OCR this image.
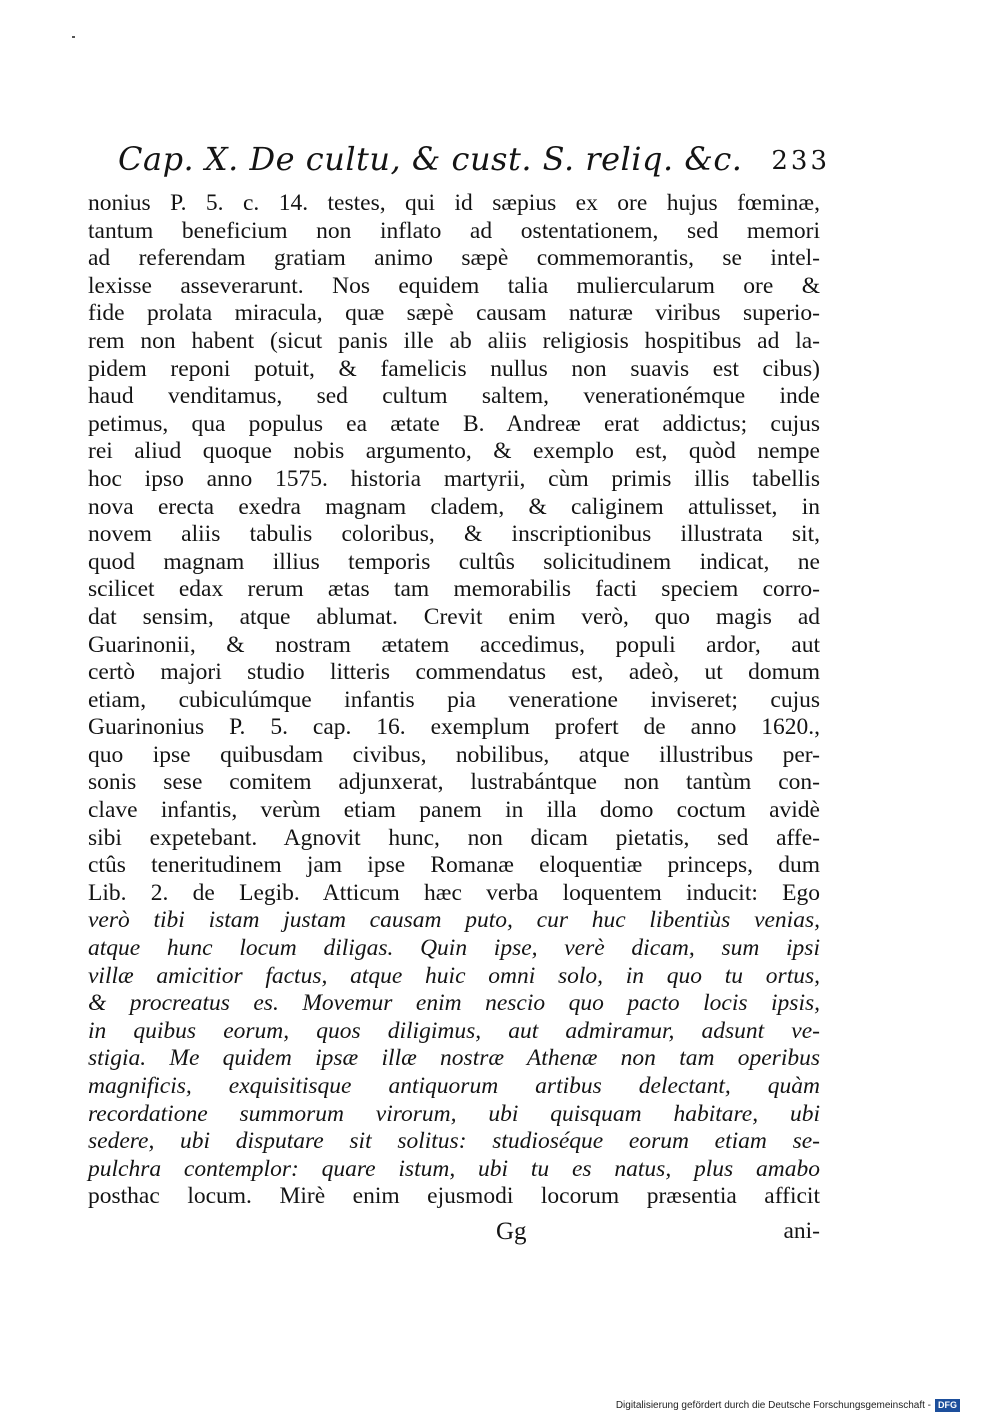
Cap. X. De cultu, & cust. S. reliq. &c. 233
nonius P. 5. c. 14. testes, qui id sæpius ex ore hujus fœminæ,
tantum beneficium non inflato ad ostentationem, sed memori
ad referendam gratiam animo sæpè commemorantis, se intel-
lexisse asseverarunt. Nos equidem talia muliercularum ore &
fide prolata miracula, quæ sæpè causam naturæ viribus superio-
rem non habent (sicut panis ille ab aliis religiosis hospitibus ad la-
pidem reponi potuit, & famelicis nullus non suavis est cibus)
haud venditamus, sed cultum saltem, venerationémque inde
petimus, qua populus ea ætate B. Andreæ erat addictus; cujus
rei aliud quoque nobis argumento, & exemplo est, quòd nempe
hoc ipso anno 1575. historia martyrii, cùm primis illis tabellis
nova erecta exedra magnam cladem, & caliginem attulisset, in
novem aliis tabulis coloribus, & inscriptionibus illustrata sit,
quod magnam illius temporis cultûs solicitudinem indicat, ne
scilicet edax rerum ætas tam memorabilis facti speciem corro-
dat sensim, atque ablumat. Crevit enim verò, quo magis ad
Guarinonii, & nostram ætatem accedimus, populi ardor, aut
certò majori studio litteris commendatus est, adeò, ut domum
etiam, cubiculúmque infantis pia veneratione inviseret; cujus
Guarinonius P. 5. cap. 16. exemplum profert de anno 1620.,
quo ipse quibusdam civibus, nobilibus, atque illustribus per-
sonis sese comitem adjunxerat, lustrabántque non tantùm con-
clave infantis, verùm etiam panem in illa domo coctum avidè
sibi expetebant. Agnovit hunc, non dicam pietatis, sed affe-
ctûs teneritudinem jam ipse Romanæ eloquentiæ princeps, dum
Lib. 2. de Legib. Atticum hæc verba loquentem inducit: Ego
verò tibi istam justam causam puto, cur huc libentiùs venias,
atque hunc locum diligas. Quin ipse, verè dicam, sum ipsi
villæ amicitior factus, atque huic omni solo, in quo tu ortus,
& procreatus es. Movemur enim nescio quo pacto locis ipsis,
in quibus eorum, quos diligimus, aut admiramur, adsunt ve-
stigia. Me quidem ipsæ illæ nostræ Athenæ non tam operibus
magnificis, exquisitisque antiquorum artibus delectant, quàm
recordatione summorum virorum, ubi quisquam habitare, ubi
sedere, ubi disputare sit solitus: studioséque eorum etiam se-
pulchra contemplor: quare istum, ubi tu es natus, plus amabo
posthac locum. Mirè enim ejusmodi locorum præsentia afficit
Gg	ani-
Digitalisierung gefördert durch die Deutsche Forschungsgemeinschaft - DFG
